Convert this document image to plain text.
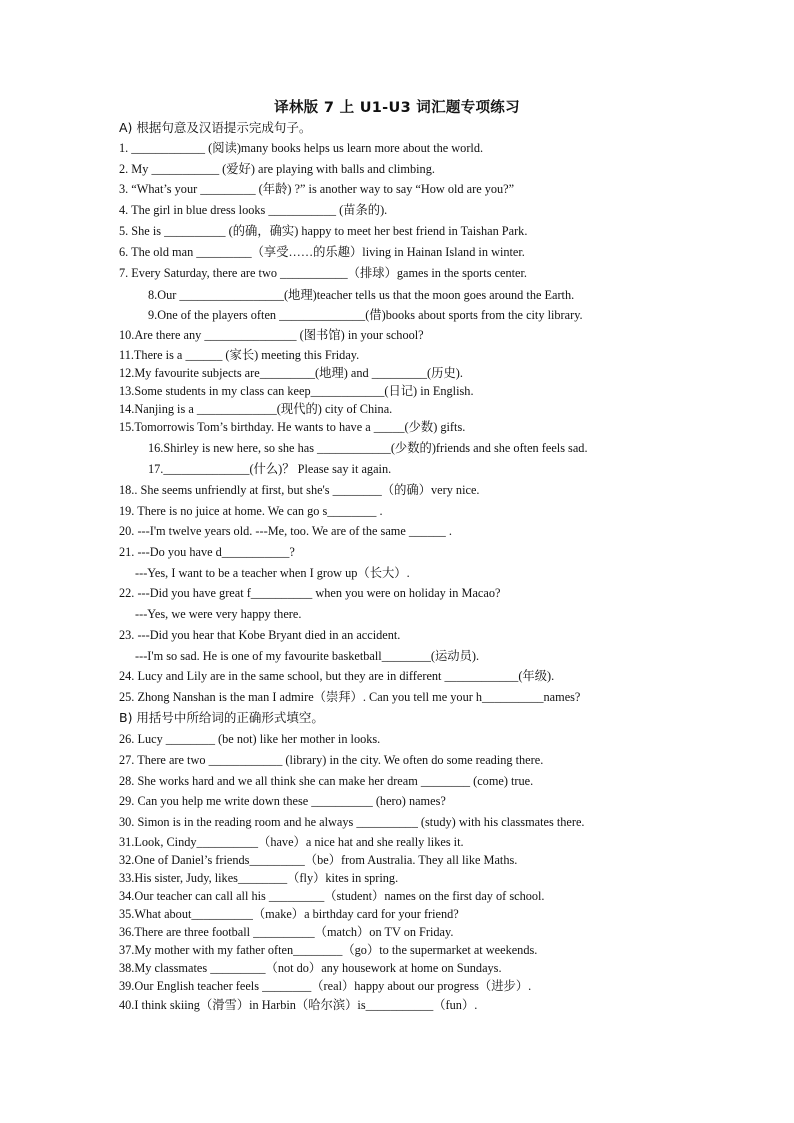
译林版 7 上 U1-U3 词汇题专项练习
A) 根据句意及汉语提示完成句子。
1. ____________ (阅读)many books helps us learn more about the world.
2. My ___________ (爱好) are playing with balls and climbing.
3. “What’s your _________ (年龄) ?” is another way to say “How old are you?”
4. The girl in blue dress looks ___________ (苗条的).
5. She is __________ (的确，确实) happy to meet her best friend in Taishan Park.
6. The old man _________（享受……的乐趣）living in Hainan Island in winter.
7. Every Saturday, there are two ___________（排球）games in the sports center.
8.Our _________________(地理)teacher tells us that the moon goes around the Earth.
9.One of the players often ______________(借)books about sports from the city library.
10.Are there any _______________ (图书馆) in your school?
11.There is a ______ (家长) meeting this Friday.
12.My favourite subjects are_________(地理) and _________(历史).
13.Some students in my class can keep____________(日记) in English.
14.Nanjing is a _____________(现代的) city of China.
15.Tomorrowis Tom’s birthday. He wants to have a _____(少数) gifts.
16.Shirley is new here, so she has ____________(少数的)friends and she often feels sad.
17.______________(什么)？ Please say it again.
18.. She seems unfriendly at first, but she's ________（的确）very nice.
19. There is no juice at home. We can go s________ .
20. ---I'm twelve years old. ---Me, too. We are of the same ______ .
21. ---Do you have d___________?
---Yes, I want to be a teacher when I grow up（长大）.
22. ---Did you have great f__________ when you were on holiday in Macao?
---Yes, we were very happy there.
23. ---Did you hear that Kobe Bryant died in an accident.
---I'm so sad. He is one of my favourite basketball________(运动员).
24. Lucy and Lily are in the same school, but they are in different ____________(年级).
25. Zhong Nanshan is the man I admire（崇拜）. Can you tell me your h__________names?
B) 用括号中所给词的正确形式填空。
26. Lucy ________ (be not) like her mother in looks.
27. There are two ____________ (library) in the city. We often do some reading there.
28. She works hard and we all think she can make her dream ________ (come) true.
29. Can you help me write down these __________ (hero) names?
30. Simon is in the reading room and he always __________ (study) with his classmates there.
31.Look, Cindy__________（have）a nice hat and she really likes it.
32.One of Daniel’s friends_________（be）from Australia. They all like Maths.
33.His sister, Judy, likes________（fly）kites in spring.
34.Our teacher can call all his _________（student）names on the first day of school.
35.What about__________（make）a birthday card for your friend?
36.There are three football __________（match）on TV on Friday.
37.My mother with my father often________（go）to the supermarket at weekends.
38.My classmates _________（not do）any housework at home on Sundays.
39.Our English teacher feels ________（real）happy about our progress（进步）.
40.I think skiing（滑雪）in Harbin（哈尔滨）is___________（fun）.
